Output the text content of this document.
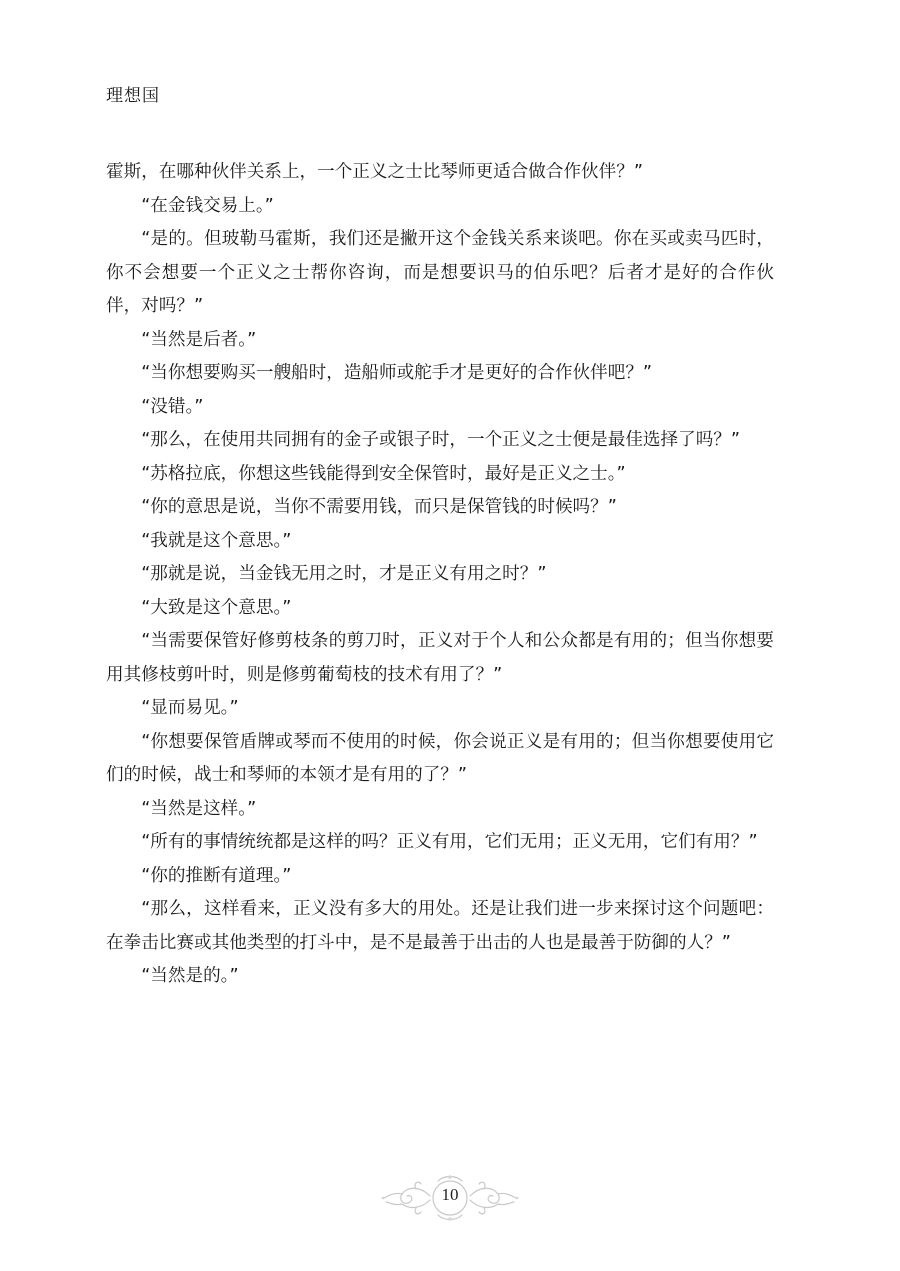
理想国

霍斯，在哪种伙伴关系上，一个正义之士比琴师更适合做合作伙伴？”

“在金钱交易上。”

“是的。但玻勒马霍斯，我们还是撇开这个金钱关系来谈吧。你在买或卖马匹时，你不会想要一个正义之士帮你咨询，而是想要识马的伯乐吧？后者才是好的合作伙伴，对吗？”

“当然是后者。”

“当你想要购买一艘船时，造船师或舵手才是更好的合作伙伴吧？”

“没错。”

“那么，在使用共同拥有的金子或银子时，一个正义之士便是最佳选择了吗？”

“苏格拉底，你想这些钱能得到安全保管时，最好是正义之士。”

“你的意思是说，当你不需要用钱，而只是保管钱的时候吗？”

“我就是这个意思。”

“那就是说，当金钱无用之时，才是正义有用之时？”

“大致是这个意思。”

“当需要保管好修剪枝条的剪刀时，正义对于个人和公众都是有用的；但当你想要用其修枝剪叶时，则是修剪葡萄枝的技术有用了？”

“显而易见。”

“你想要保管盾牌或琴而不使用的时候，你会说正义是有用的；但当你想要使用它们的时候，战士和琴师的本领才是有用的了？”

“当然是这样。”

“所有的事情统统都是这样的吗？正义有用，它们无用；正义无用，它们有用？”

“你的推断有道理。”

“那么，这样看来，正义没有多大的用处。还是让我们进一步来探讨这个问题吧：在拳击比赛或其他类型的打斗中，是不是最善于出击的人也是最善于防御的人？”

“当然是的。”

10
